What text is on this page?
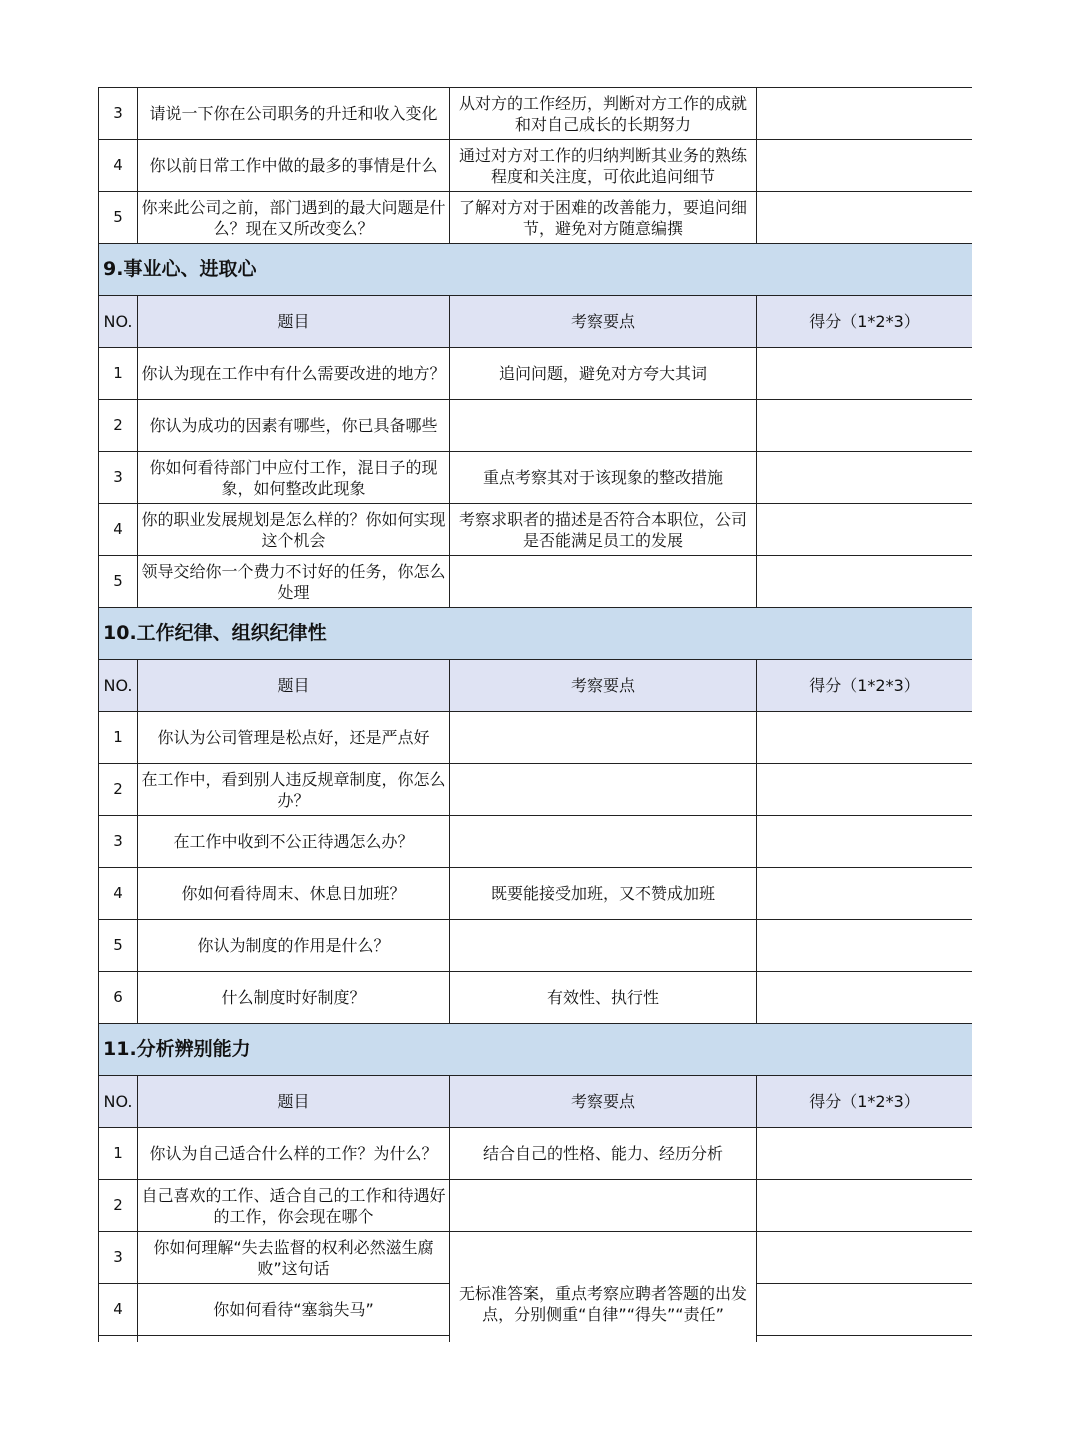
3	请说一下你在公司职务的升迁和收入变化	从对方的工作经历，判断对方工作的成就和对自己成长的长期努力	
4	你以前日常工作中做的最多的事情是什么	通过对方对工作的归纳判断其业务的熟练程度和关注度，可依此追问细节	
5	你来此公司之前，部门遇到的最大问题是什么？现在又所改变么？	了解对方对于困难的改善能力，要追问细节，避免对方随意编撰	
9.事业心、进取心			
NO.	题目	考察要点	得分（1*2*3）
1	你认为现在工作中有什么需要改进的地方？	追问问题，避免对方夸大其词	
2	你认为成功的因素有哪些，你已具备哪些		
3	你如何看待部门中应付工作，混日子的现象，如何整改此现象	重点考察其对于该现象的整改措施	
4	你的职业发展规划是怎么样的？你如何实现这个机会	考察求职者的描述是否符合本职位，公司是否能满足员工的发展	
5	领导交给你一个费力不讨好的任务，你怎么处理		
10.工作纪律、组织纪律性			
NO.	题目	考察要点	得分（1*2*3）
1	你认为公司管理是松点好，还是严点好		
2	在工作中，看到别人违反规章制度，你怎么办？		
3	在工作中收到不公正待遇怎么办？		
4	你如何看待周末、休息日加班？	既要能接受加班，又不赞成加班	
5	你认为制度的作用是什么？		
6	什么制度时好制度？	有效性、执行性	
11.分析辨别能力			
NO.	题目	考察要点	得分（1*2*3）
1	你认为自己适合什么样的工作？为什么？	结合自己的性格、能力、经历分析	
2	自己喜欢的工作、适合自己的工作和待遇好的工作，你会现在哪个		
3	你如何理解“失去监督的权利必然滋生腐败”这句话	无标准答案，重点考察应聘者答题的出发点，分别侧重“自律”“得失”“责任”	
4	你如何看待“塞翁失马”		
